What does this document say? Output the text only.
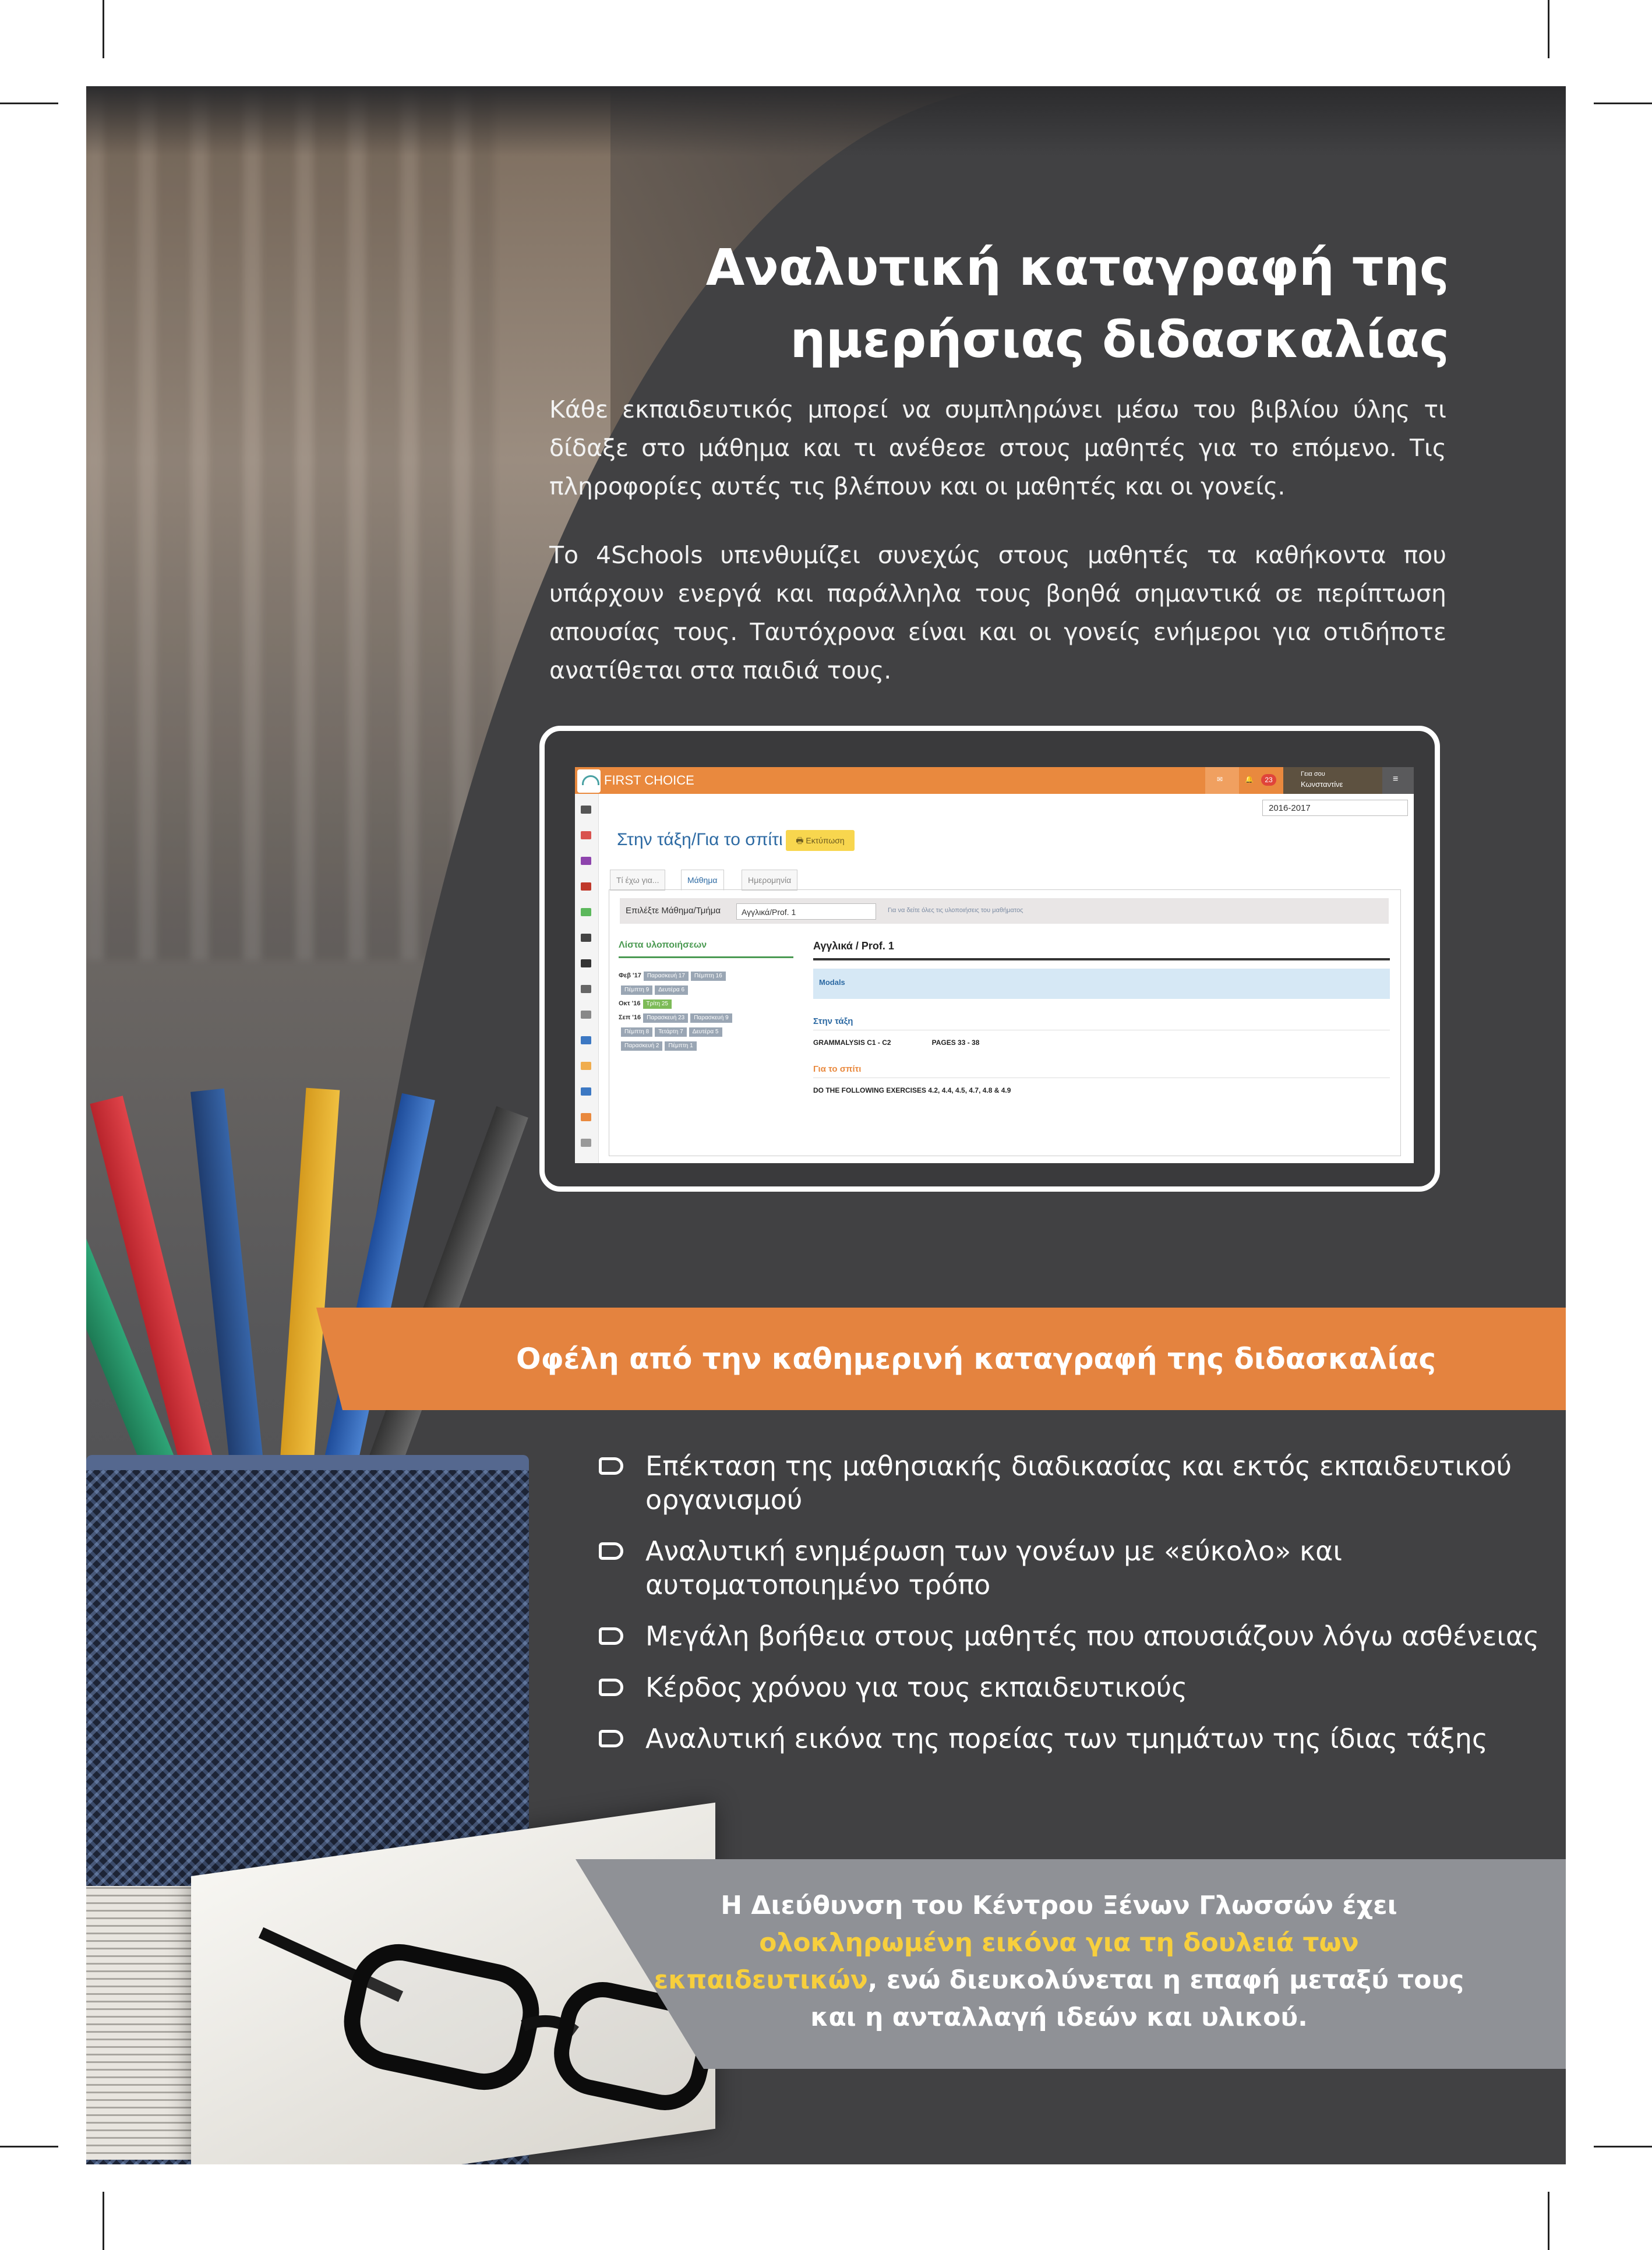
Αναλυτική καταγραφή της
ημερήσιας διδασκαλίας
Κάθε εκπαιδευτικός μπορεί να συμπληρώνει μέσω του βιβλίου ύλης τι δίδαξε στο μάθημα και τι ανέθεσε στους μαθητές για το επόμενο. Τις πληροφορίες αυτές τις βλέπουν και οι μαθητές και οι γονείς.
Το 4Schools υπενθυμίζει συνεχώς στους μαθητές τα καθήκοντα που υπάρχουν ενεργά και παράλληλα τους βοηθά σημαντικά σε περίπτωση απουσίας τους. Ταυτόχρονα είναι και οι γονείς ενήμεροι για οτιδήποτε ανατίθεται στα παιδιά τους.
FIRST CHOICE	✉	🔔	23
Γεια σου
Κωνσταντίνε
≡
2016-2017
Στην τάξη/Για το σπίτι	🖶 Εκτύπωση
Τί έχω για...	Μάθημα	Ημερομηνία
Επιλέξτε Μάθημα/Τμήμα	Αγγλικά/Prof. 1	Για να δείτε όλες τις υλοποιήσεις του μαθήματος
Λίστα υλοποιήσεων
Φεβ '17 Παρασκευή 17 Πέμπτη 16
Πέμπτη 9 Δευτέρα 6
Οκτ '16 Τρίτη 25
Σεπ '16 Παρασκευή 23 Παρασκευή 9
Πέμπτη 8 Τετάρτη 7 Δευτέρα 5
Παρασκευή 2 Πέμπτη 1
Αγγλικά / Prof. 1
Modals
Στην τάξη
GRAMMALYSIS C1 - C2	PAGES 33 - 38
Για το σπίτι
DO THE FOLLOWING EXERCISES 4.2, 4.4, 4.5, 4.7, 4.8 & 4.9
Οφέλη από την καθημερινή καταγραφή της διδασκαλίας
Επέκταση της μαθησιακής διαδικασίας και εκτός εκπαιδευτικού οργανισμού
Αναλυτική ενημέρωση των γονέων με «εύκολο» και αυτοματοποιημένο τρόπο
Μεγάλη βοήθεια στους μαθητές που απουσιάζουν λόγω ασθένειας
Κέρδος χρόνου για τους εκπαιδευτικούς
Αναλυτική εικόνα της πορείας των τμημάτων της ίδιας τάξης
Η Διεύθυνση του Κέντρου Ξένων Γλωσσών έχει ολοκληρωμένη εικόνα για τη δουλειά των εκπαιδευτικών, ενώ διευκολύνεται η επαφή μεταξύ τους και η ανταλλαγή ιδεών και υλικού.
